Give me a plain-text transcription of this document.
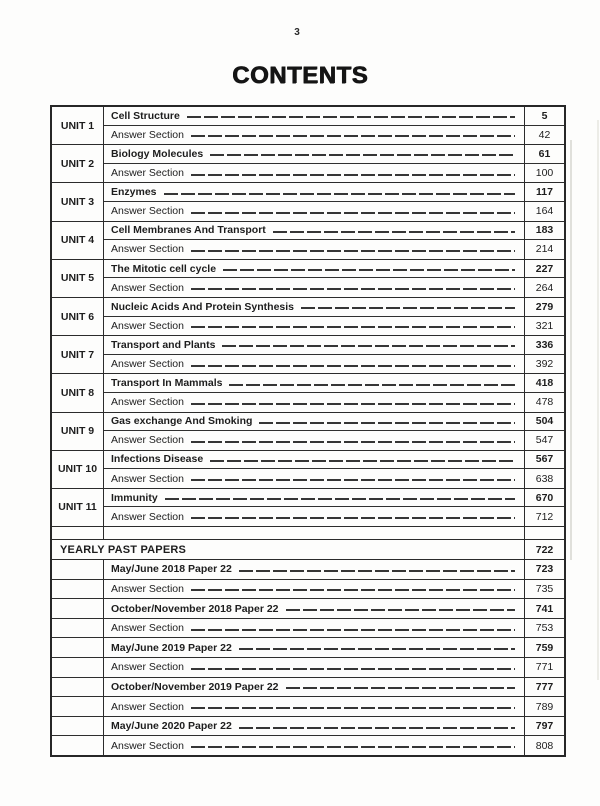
3
CONTENTS
UNIT 1
Cell Structure	5
Answer Section	42
UNIT 2
Biology Molecules	61
Answer Section	100
UNIT 3
Enzymes	117
Answer Section	164
UNIT 4
Cell Membranes And Transport	183
Answer Section	214
UNIT 5
The Mitotic cell cycle	227
Answer Section	264
UNIT 6
Nucleic Acids And Protein Synthesis	279
Answer Section	321
UNIT 7
Transport and Plants	336
Answer Section	392
UNIT 8
Transport In Mammals	418
Answer Section	478
UNIT 9
Gas exchange And Smoking	504
Answer Section	547
UNIT 10
Infections Disease	567
Answer Section	638
UNIT 11
Immunity	670
Answer Section	712
YEARLY PAST PAPERS	722
May/June 2018 Paper 22	723
Answer Section	735
October/November 2018 Paper 22	741
Answer Section	753
May/June 2019 Paper 22	759
Answer Section	771
October/November 2019 Paper 22	777
Answer Section	789
May/June 2020 Paper 22	797
Answer Section	808
